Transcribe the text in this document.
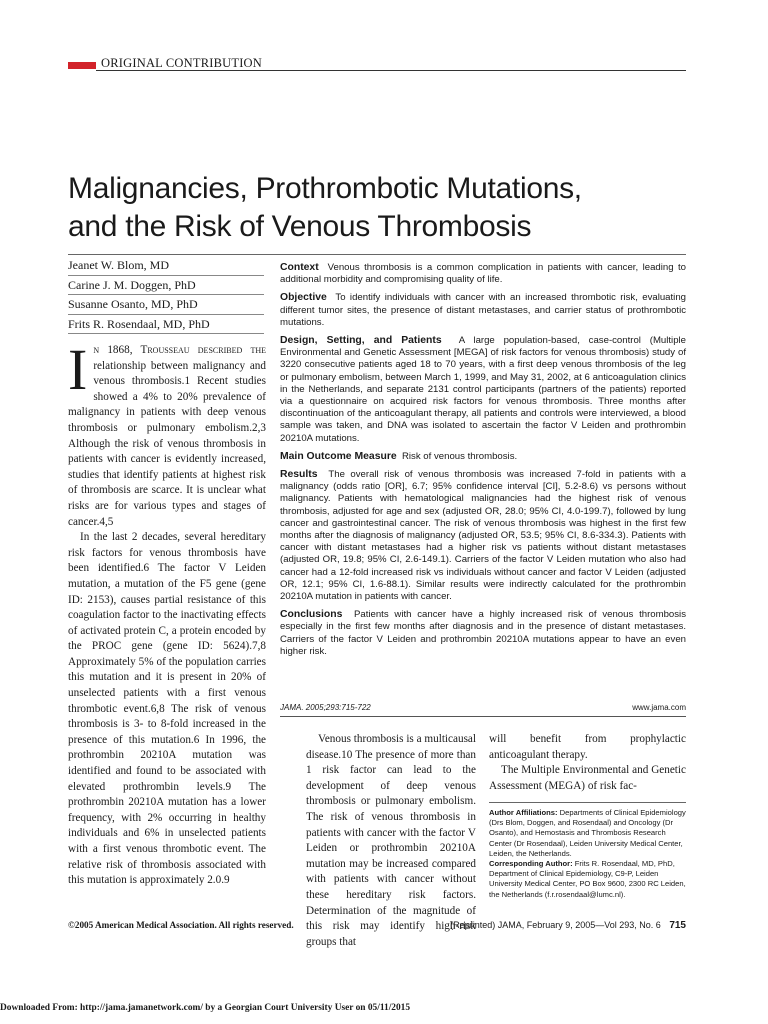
ORIGINAL CONTRIBUTION
Malignancies, Prothrombotic Mutations,
and the Risk of Venous Thrombosis
Jeanet W. Blom, MD
Carine J. M. Doggen, PhD
Susanne Osanto, MD, PhD
Frits R. Rosendaal, MD, PhD

Context Venous thrombosis is a common complication in patients with cancer, leading to additional morbidity and compromising quality of life.

Objective To identify individuals with cancer with an increased thrombotic risk, evaluating different tumor sites, the presence of distant metastases, and carrier status of prothrombotic mutations.

Design, Setting, and Patients A large population-based, case-control (Multiple Environmental and Genetic Assessment [MEGA] of risk factors for venous thrombosis) study of 3220 consecutive patients aged 18 to 70 years, with a first deep venous thrombosis of the leg or pulmonary embolism, between March 1, 1999, and May 31, 2002, at 6 anticoagulation clinics in the Netherlands, and separate 2131 control participants (partners of the patients) reported via a questionnaire on acquired risk factors for venous thrombosis. Three months after discontinuation of the anticoagulant therapy, all patients and controls were interviewed, a blood sample was taken, and DNA was isolated to ascertain the factor V Leiden and prothrombin 20210A mutations.

Main Outcome Measure Risk of venous thrombosis.

Results The overall risk of venous thrombosis was increased 7-fold in patients with a malignancy (odds ratio [OR], 6.7; 95% confidence interval [CI], 5.2-8.6) vs persons without malignancy. Patients with hematological malignancies had the highest risk of venous thrombosis, adjusted for age and sex (adjusted OR, 28.0; 95% CI, 4.0-199.7), followed by lung cancer and gastrointestinal cancer. The risk of venous thrombosis was highest in the first few months after the diagnosis of malignancy (adjusted OR, 53.5; 95% CI, 8.6-334.3). Patients with cancer with distant metastases had a higher risk vs patients without distant metastases (adjusted OR, 19.8; 95% CI, 2.6-149.1). Carriers of the factor V Leiden mutation who also had cancer had a 12-fold increased risk vs individuals without cancer and factor V Leiden (adjusted OR, 12.1; 95% CI, 1.6-88.1). Similar results were indirectly calculated for the prothrombin 20210A mutation in patients with cancer.

Conclusions Patients with cancer have a highly increased risk of venous thrombosis especially in the first few months after diagnosis and in the presence of distant metastases. Carriers of the factor V Leiden and prothrombin 20210A mutations appear to have an even higher risk.

JAMA. 2005;293:715-722	www.jama.com
I n 1868, Trousseau described the relationship between malignancy and venous thrombosis.1 Recent studies showed a 4% to 20% prevalence of malignancy in patients with deep venous thrombosis or pulmonary embolism.2,3 Although the risk of venous thrombosis in patients with cancer is evidently increased, studies that identify patients at highest risk of thrombosis are scarce. It is unclear what risks are for various types and stages of cancer.4,5

In the last 2 decades, several hereditary risk factors for venous thrombosis have been identified.6 The factor V Leiden mutation, a mutation of the F5 gene (gene ID: 2153), causes partial resistance of this coagulation factor to the inactivating effects of activated protein C, a protein encoded by the PROC gene (gene ID: 5624).7,8 Approximately 5% of the population carries this mutation and it is present in 20% of unselected patients with a first venous thrombotic event.6,8 The risk of venous thrombosis is 3- to 8-fold increased in the presence of this mutation.6 In 1996, the prothrombin 20210A mutation was identified and found to be associated with elevated prothrombin levels.9 The prothrombin 20210A mutation has a lower frequency, with 2% occurring in healthy individuals and 6% in unselected patients with a first venous thrombotic event. The relative risk of thrombosis associated with this mutation is approximately 2.0.9

Venous thrombosis is a multicausal disease.10 The presence of more than 1 risk factor can lead to the development of deep venous thrombosis or pulmonary embolism. The risk of venous thrombosis in patients with cancer with the factor V Leiden or prothrombin 20210A mutation may be increased compared with patients with cancer without these hereditary risk factors. Determination of the magnitude of this risk may identify high-risk groups that

will benefit from prophylactic anticoagulant therapy.

The Multiple Environmental and Genetic Assessment (MEGA) of risk fac-

Author Affiliations: Departments of Clinical Epidemiology (Drs Blom, Doggen, and Rosendaal) and Oncology (Dr Osanto), and Hemostasis and Thrombosis Research Center (Dr Rosendaal), Leiden University Medical Center, Leiden, the Netherlands.

Corresponding Author: Frits R. Rosendaal, MD, PhD, Department of Clinical Epidemiology, C9-P, Leiden University Medical Center, PO Box 9600, 2300 RC Leiden, the Netherlands (f.r.rosendaal@lumc.nl).

©2005 American Medical Association. All rights reserved.	(Reprinted) JAMA, February 9, 2005—Vol 293, No. 6 715
Downloaded From: http://jama.jamanetwork.com/ by a Georgian Court University User on 05/11/2015
